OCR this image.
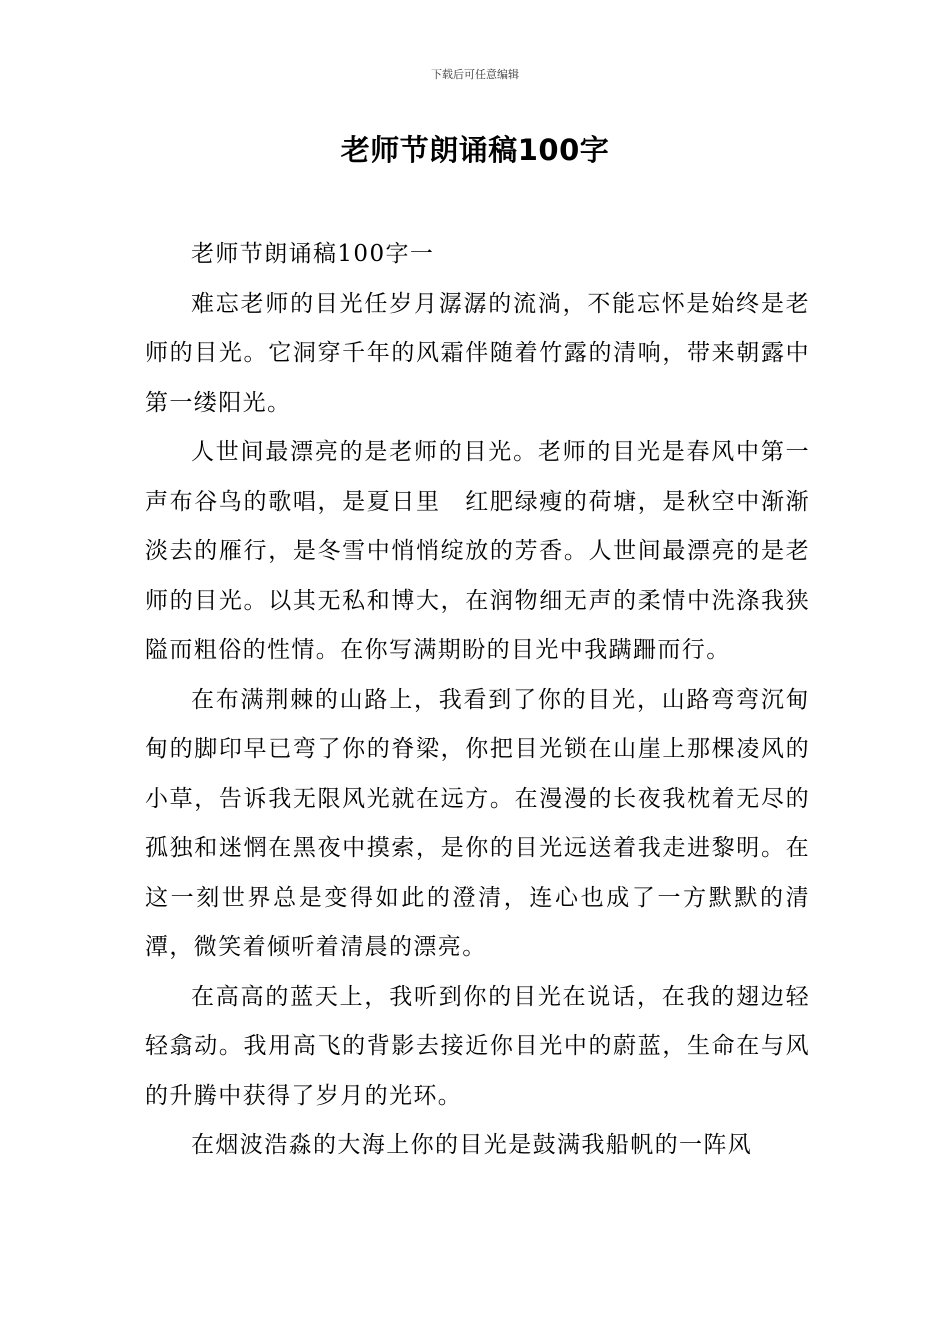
下载后可任意编辑
老师节朗诵稿100字

老师节朗诵稿100字一

难忘老师的目光任岁月潺潺的流淌，不能忘怀是始终是老师的目光。它洞穿千年的风霜伴随着竹露的清响，带来朝露中第一缕阳光。

人世间最漂亮的是老师的目光。老师的目光是春风中第一声布谷鸟的歌唱，是夏日里　红肥绿瘦的荷塘，是秋空中渐渐淡去的雁行，是冬雪中悄悄绽放的芳香。人世间最漂亮的是老师的目光。以其无私和博大，在润物细无声的柔情中洗涤我狭隘而粗俗的性情。在你写满期盼的目光中我蹒跚而行。

在布满荆棘的山路上，我看到了你的目光，山路弯弯沉甸甸的脚印早已弯了你的脊梁，你把目光锁在山崖上那棵凌风的小草，告诉我无限风光就在远方。在漫漫的长夜我枕着无尽的孤独和迷惘在黑夜中摸索，是你的目光远送着我走进黎明。在这一刻世界总是变得如此的澄清，连心也成了一方默默的清潭，微笑着倾听着清晨的漂亮。

在高高的蓝天上，我听到你的目光在说话，在我的翅边轻轻翕动。我用高飞的背影去接近你目光中的蔚蓝，生命在与风的升腾中获得了岁月的光环。

在烟波浩淼的大海上你的目光是鼓满我船帆的一阵风
